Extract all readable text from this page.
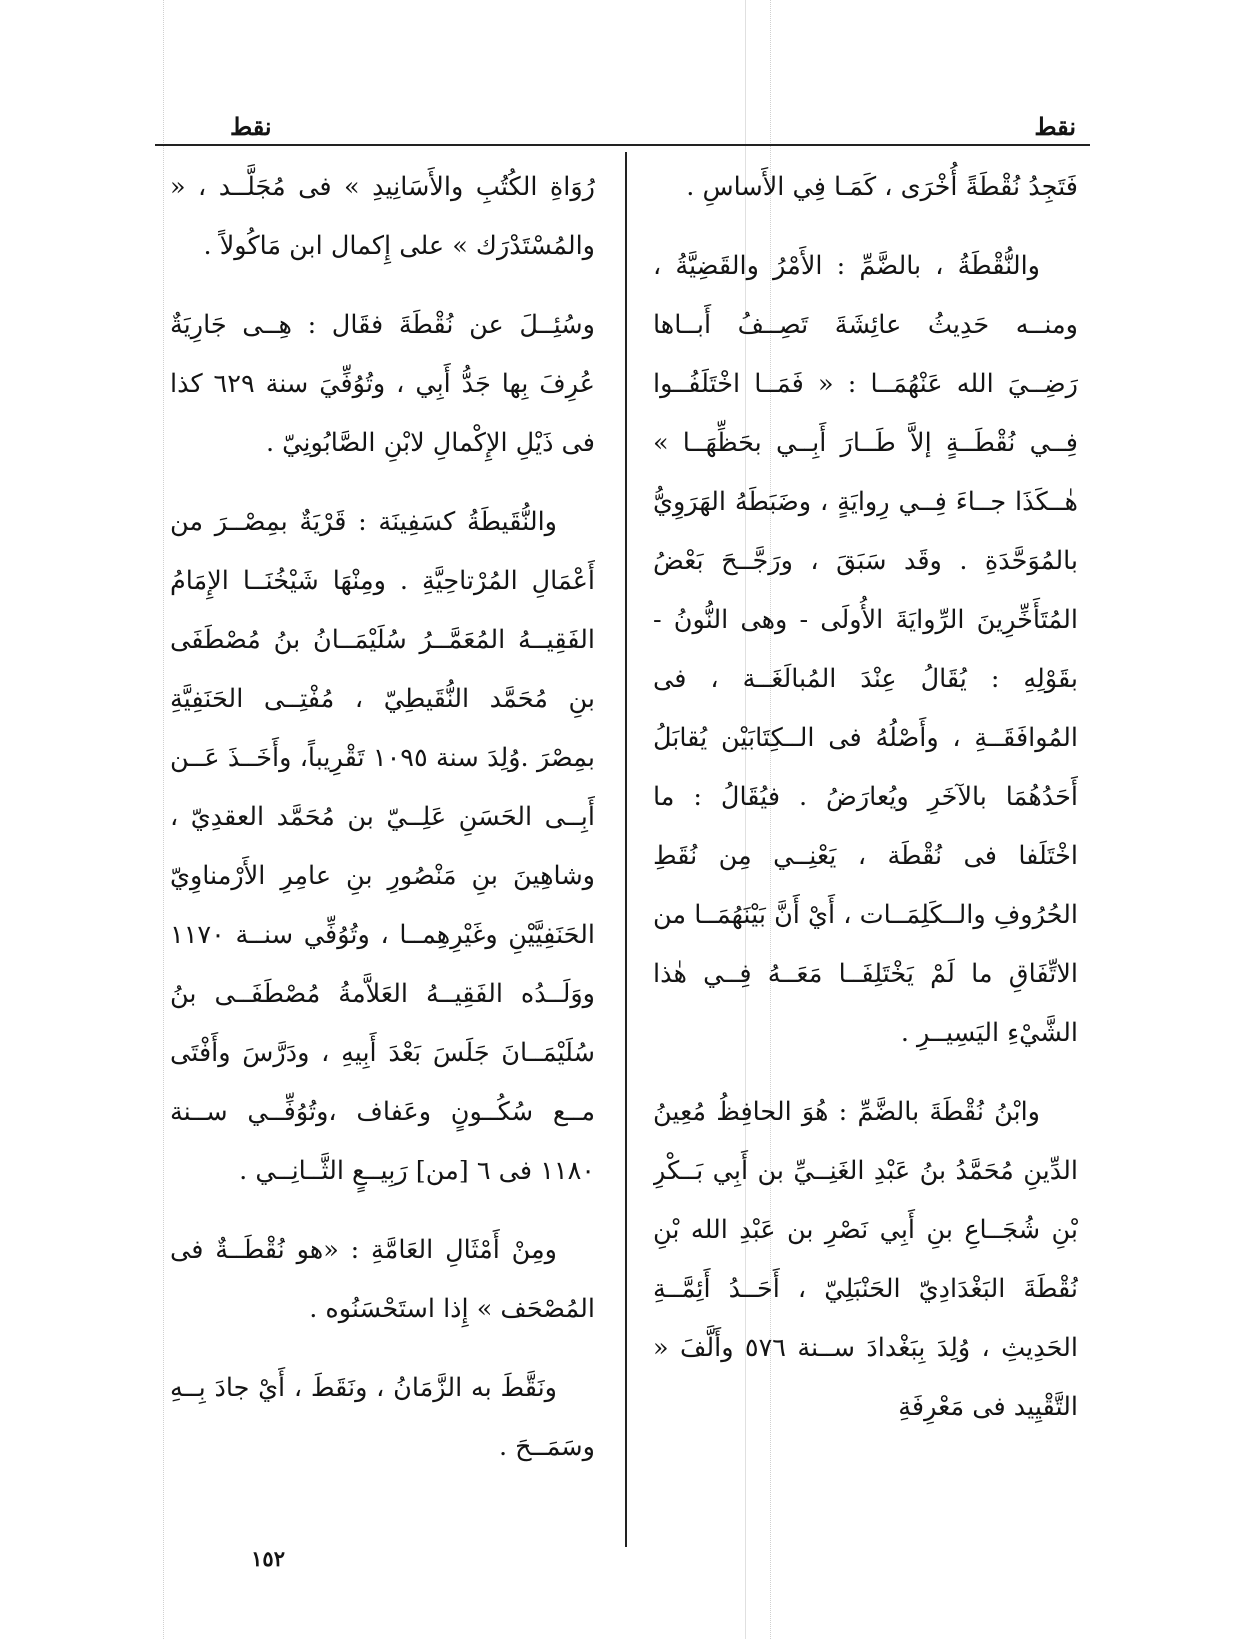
نقط
نقط

فَتَجِدُ نُقْطَةً أُخْرَى ، كَمَـا فِي الأَساسِ .

والنُّقْطَةُ ، بالضَّمِّ : الأَمْرُ والقَضِيَّةُ ، ومنــه حَدِيثُ عائِشَةَ تَصِــفُ أَبــاها رَضِــيَ الله عَنْهُمَــا : « فَمَــا اخْتَلَفُــوا فِــي نُقْطَــةٍ إلاَّ طَــارَ أَبِــي بحَظِّهَــا » هٰــكَذَا جــاءَ فِــي رِوايَةٍ ، وضَبَطَهُ الهَرَوِيُّ بالمُوَحَّدَةِ . وقَد سَبَقَ ، ورَجَّــحَ بَعْضُ المُتَأَخِّرِينَ الرِّوايَةَ الأُولَى - وهى النُّونُ - بقَوْلِهِ : يُقَالُ عِنْدَ المُبالَغَــة ، فى المُوافَقَــةِ ، وأَصْلُهُ فى الــكِتَابَيْن يُقابَلُ أَحَدُهُمَا بالآخَرِ ويُعارَضُ . فيُقَالُ : ما اخْتَلَفا فى نُقْطَة ، يَعْنِــي مِن نُقَطِ الحُرُوفِ والــكَلِمَــات ، أَيْ أَنَّ بَيْنَهُمَــا من الاتِّفَاقِ ما لَمْ يَخْتَلِفَــا مَعَــهُ فِــي هٰذا الشَّيْءِ اليَسِيــرِ .

وابْنُ نُقْطَةَ بالضَّمِّ : هُوَ الحافِظُ مُعِينُ الدِّينِ مُحَمَّدُ بنُ عَبْدِ الغَنِــيِّ بن أَبِي بَــكْرِ بْنِ شُجَــاعِ بنِ أَبِي نَصْرِ بن عَبْدِ الله بْنِ نُقْطَةَ البَغْدَادِيّ الحَنْبَلِيّ ، أَحَــدُ أَئِمَّــةِ الحَدِيثِ ، وُلِدَ بِبَغْدادَ ســنة ٥٧٦ وأَلَّفَ « التَّقْيِيد فى مَعْرِفَةِ

رُوَاةِ الكُتُبِ والأَسَانِيدِ » فى مُجَلَّــد ، « والمُسْتَدْرَك » على إِكمال ابن مَاكُولاً .

وسُئِــلَ عن نُقْطَةَ فقَال : هِــى جَارِيَةٌ عُرِفَ بِها جَدُّ أَبِي ، وتُوُفِّيَ سنة ٦٢٩ كذا فى ذَيْلِ الإِكْمالِ لابْنِ الصَّابُونِيّ .

والنُّقَيطَةُ كسَفِينَة : قَرْيَةٌ بمِصْــرَ من أَعْمَالِ المُرْتاحِيَّةِ . ومِنْهَا شَيْخُنَــا الإِمَامُ الفَقِيــهُ المُعَمَّــرُ سُلَيْمَــانُ بنُ مُصْطَفَى بنِ مُحَمَّد النُّقَيطِيّ ، مُفْتِــى الحَنَفِيَّةِ بمِصْرَ .وُلِدَ سنة ١٠٩٥ تَقْرِيباً، وأَخَــذَ عَــن أَبِــى الحَسَنِ عَلِــيّ بن مُحَمَّد العقدِيّ ، وشاهِينَ بنِ مَنْصُورِ بنِ عامِرِ الأَرْمناوِيّ الحَنَفِيَّيْنِ وغَيْرِهِمــا ، وتُوُفِّي سنــة ١١٧٠ ووَلَــدُه الفَقِيــهُ العَلاَّمةُ مُصْطَفَــى بنُ سُلَيْمَــانَ جَلَسَ بَعْدَ أَبِيهِ ، ودَرَّسَ وأَفْتَى مــع سُكُــونٍ وعَفاف ،وتُوُفِّــي ســنة ١١٨٠ فى ٦ [من] رَبِيــعٍ الثَّــانِــي .

ومِنْ أَمْثَالِ العَامَّةِ : «هو نُقْطَــةٌ فى المُصْحَف » إِذا استَحْسَنُوه .

ونَقَّطَ به الزَّمَانُ ، ونَقَطَ ، أَيْ جادَ بِــهِ وسَمَــحَ .

١٥٢
